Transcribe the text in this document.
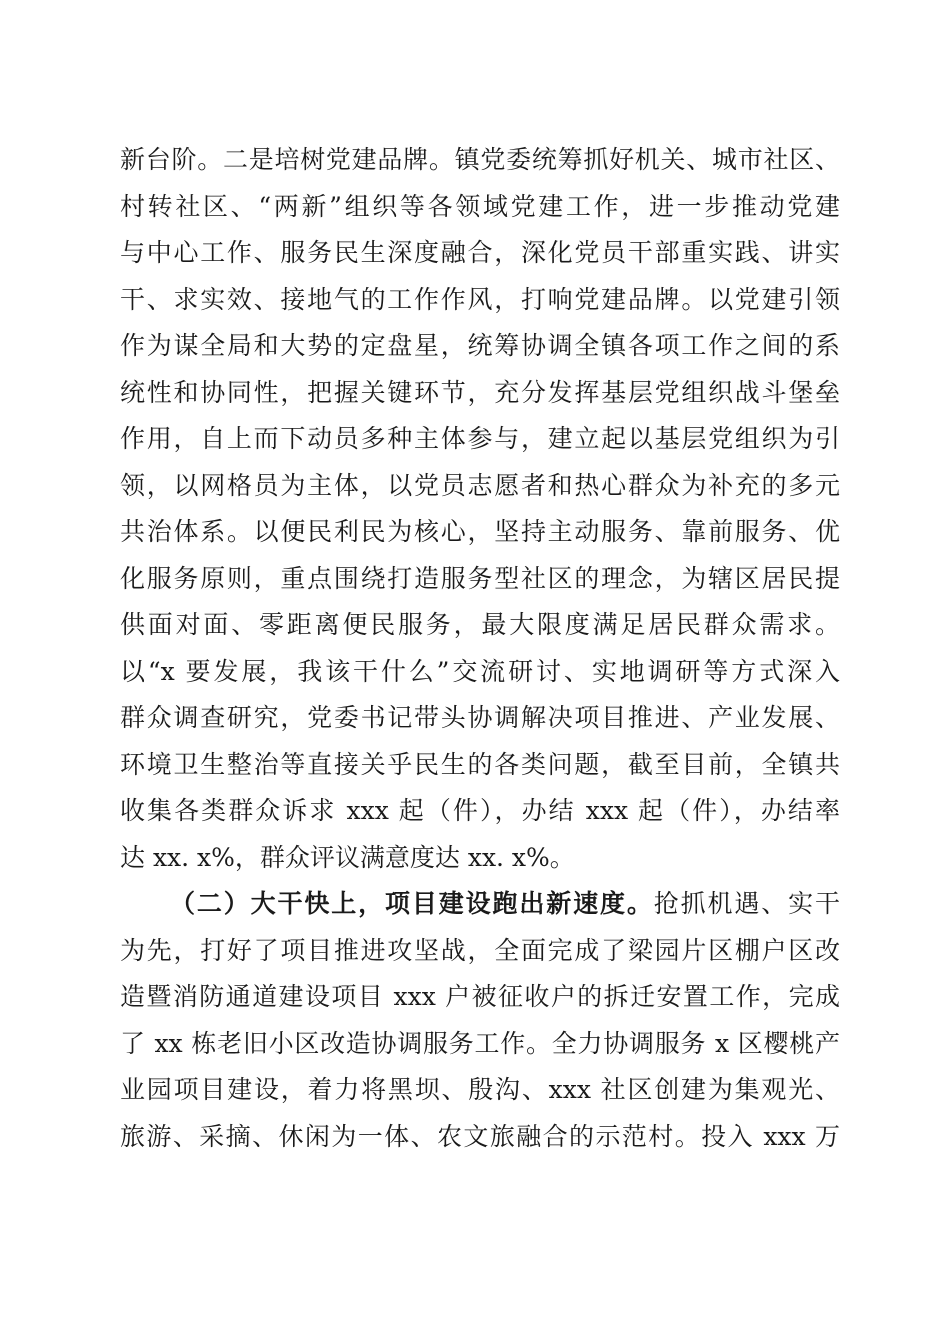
新台阶。二是培树党建品牌。镇党委统筹抓好机关、城市社区、
村转社区、“两新”组织等各领域党建工作，进一步推动党建
与中心工作、服务民生深度融合，深化党员干部重实践、讲实
干、求实效、接地气的工作作风，打响党建品牌。以党建引领
作为谋全局和大势的定盘星，统筹协调全镇各项工作之间的系
统性和协同性，把握关键环节，充分发挥基层党组织战斗堡垒
作用，自上而下动员多种主体参与，建立起以基层党组织为引
领，以网格员为主体，以党员志愿者和热心群众为补充的多元
共治体系。以便民利民为核心，坚持主动服务、靠前服务、优
化服务原则，重点围绕打造服务型社区的理念，为辖区居民提
供面对面、零距离便民服务，最大限度满足居民群众需求。
以“x 要发展，我该干什么”交流研讨、实地调研等方式深入
群众调查研究，党委书记带头协调解决项目推进、产业发展、
环境卫生整治等直接关乎民生的各类问题，截至目前，全镇共
收集各类群众诉求 xxx 起（件），办结 xxx 起（件），办结率
达 xx. x%，群众评议满意度达 xx. x%。
（二）大干快上，项目建设跑出新速度。抢抓机遇、实干
为先，打好了项目推进攻坚战，全面完成了梁园片区棚户区改
造暨消防通道建设项目 xxx 户被征收户的拆迁安置工作，完成
了 xx 栋老旧小区改造协调服务工作。全力协调服务 x 区樱桃产
业园项目建设，着力将黑坝、殷沟、xxx 社区创建为集观光、
旅游、采摘、休闲为一体、农文旅融合的示范村。投入 xxx 万
